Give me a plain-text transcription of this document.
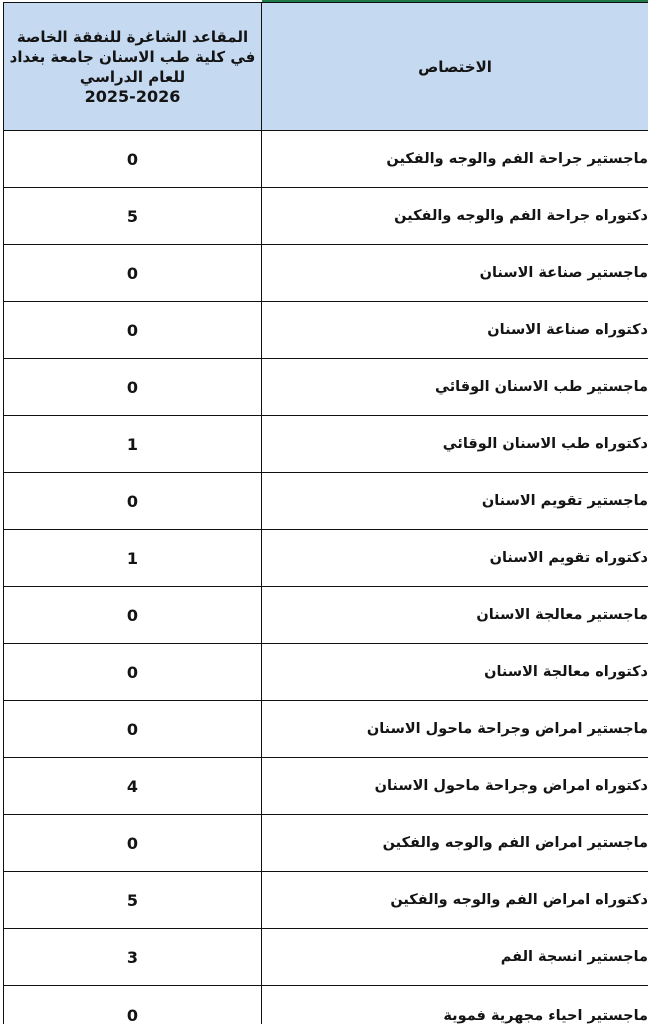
المقاعد الشاغرة للنفقة الخاصة في كلية طب الاسنان جامعة بغداد للعام الدراسي
2025-2026	الاختصاص
0	ماجستير جراحة الفم والوجه والفكين
5	دكتوراه جراحة الفم والوجه والفكين
0	ماجستير صناعة الاسنان
0	دكتوراه صناعة الاسنان
0	ماجستير طب الاسنان الوقائي
1	دكتوراه طب الاسنان الوقائي
0	ماجستير تقويم الاسنان
1	دكتوراه تقويم الاسنان
0	ماجستير معالجة الاسنان
0	دكتوراه معالجة الاسنان
0	ماجستير امراض وجراحة ماحول الاسنان
4	دكتوراه امراض وجراحة ماحول الاسنان
0	ماجستير امراض الفم والوجه والفكين
5	دكتوراه امراض الفم والوجه والفكين
3	ماجستير انسجة الفم
0	ماجستير احياء مجهرية فموية
